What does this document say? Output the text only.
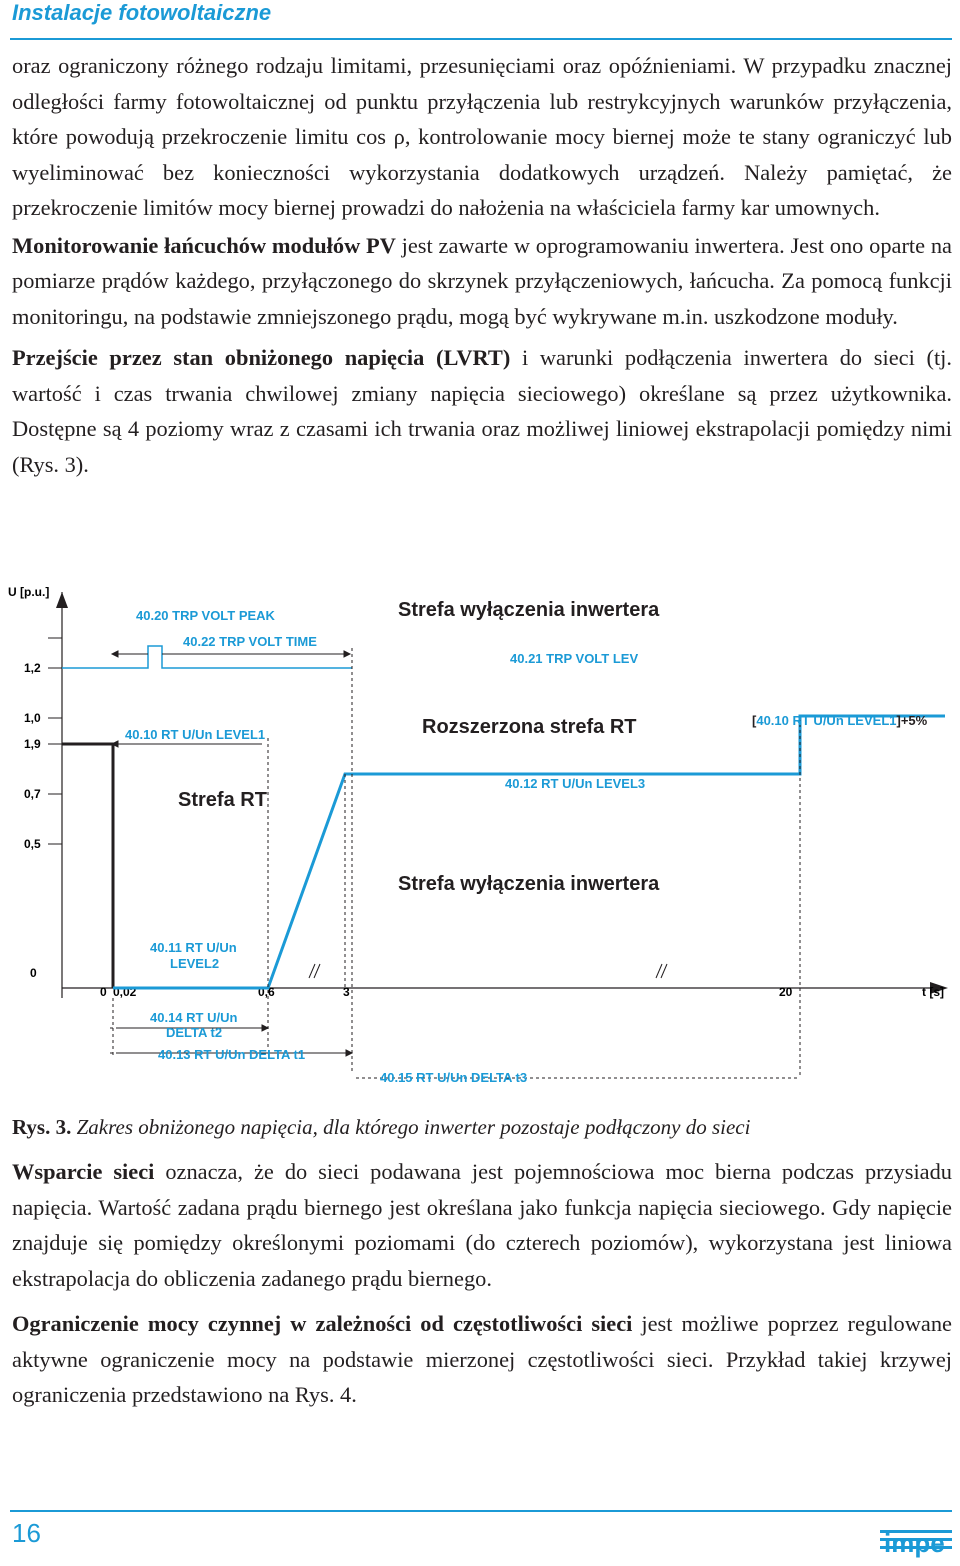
Instalacje fotowoltaiczne

oraz ograniczony różnego rodzaju limitami, przesunięciami oraz opóźnieniami. W przypadku znacznej odległości farmy fotowoltaicznej od punktu przyłączenia lub restrykcyjnych warunków przyłączenia, które powodują przekroczenie limitu cos ρ, kontrolowanie mocy biernej może te stany ograniczyć lub wyeliminować bez konieczności wykorzystania dodatkowych urządzeń. Należy pamiętać, że przekroczenie limitów mocy biernej prowadzi do nałożenia na właściciela farmy kar umownych.

Monitorowanie łańcuchów modułów PV jest zawarte w oprogramowaniu inwertera. Jest ono oparte na pomiarze prądów każdego, przyłączonego do skrzynek przyłączeniowych, łańcucha. Za pomocą funkcji monitoringu, na podstawie zmniejszonego prądu, mogą być wykrywane m.in. uszkodzone moduły.

Przejście przez stan obniżonego napięcia (LVRT) i warunki podłączenia inwertera do sieci (tj. wartość i czas trwania chwilowej zmiany napięcia sieciowego) określane są przez użytkownika. Dostępne są 4 poziomy wraz z czasami ich trwania oraz możliwej liniowej ekstrapolacji pomiędzy nimi (Rys. 3).

U [p.u.]
t [s]
1,2
1,0
1,9
0,7
0,5
0
0 0,02	0,6	3	20
Strefa wyłączenia inwertera
Rozszerzona strefa RT
Strefa RT
Strefa wyłączenia inwertera
40.20 TRP VOLT PEAK
40.22 TRP VOLT TIME
40.21 TRP VOLT LEV
40.10 RT U/Un LEVEL1
40.12 RT U/Un LEVEL3
40.11 RT U/Un
LEVEL2
40.14 RT U/Un
DELTA t2
40.13 RT U/Un DELTA t1
40.15 RT U/Un DELTA t3
[40.10 RT U/Un LEVEL1]+5%
Rys. 3. Zakres obniżonego napięcia, dla którego inwerter pozostaje podłączony do sieci

Wsparcie sieci oznacza, że do sieci podawana jest pojemnościowa moc bierna podczas przysiadu napięcia. Wartość zadana prądu biernego jest określana jako funkcja napięcia sieciowego. Gdy napięcie znajduje się pomiędzy określonymi poziomami (do czterech poziomów), wykorzystana jest liniowa ekstrapolacja do obliczenia zadanego prądu biernego.

Ograniczenie mocy czynnej w zależności od częstotliwości sieci jest możliwe poprzez regulowane aktywne ograniczenie mocy na podstawie mierzonej częstotliwości sieci. Przykład takiej krzywej ograniczenia przedstawiono na Rys. 4.

16	impe
